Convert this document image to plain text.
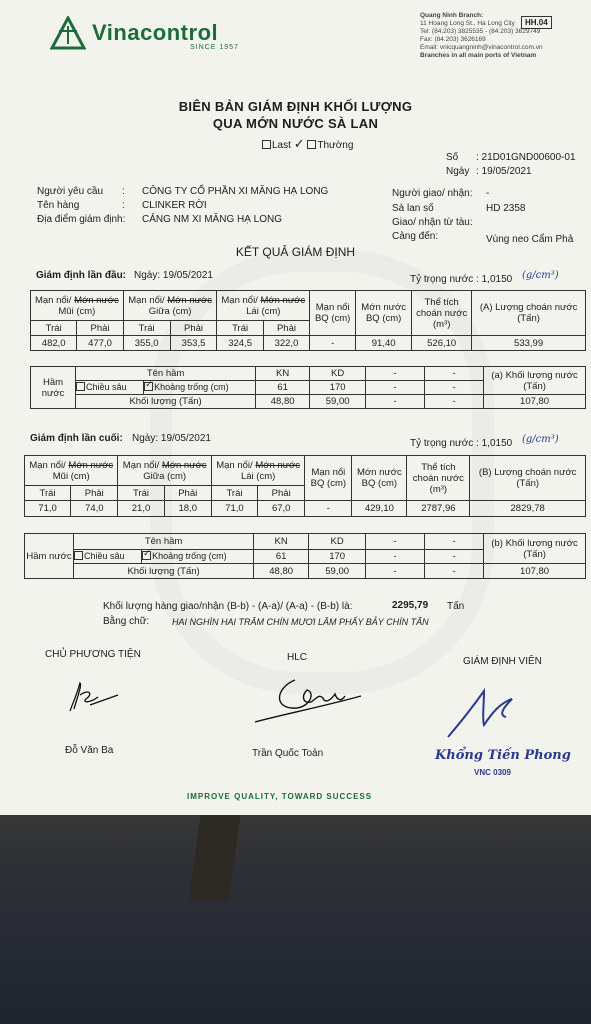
Vinacontrol
SINCE 1957
Quang Ninh Branch:
11 Hoang Long St., Ha Long City
Tel: (84.203) 3825535 - (84.203) 3629749
Fax: (84.203) 3626169
Email: vnicquangninh@vinacontrol.com.vn
Branches in all main ports of Vietnam
HH.04
BIÊN BẢN GIÁM ĐỊNH KHỐI LƯỢNG
QUA MỚN NƯỚC SÀ LAN
Last ✓ Thường
Số : 21D01GND00600-01
Ngày : 19/05/2021
Người yêu cầu : CÔNG TY CỔ PHẦN XI MĂNG HẠ LONG
Tên hàng	: CLINKER RỜI
Địa điểm giám định: CẢNG NM XI MĂNG HẠ LONG
Người giao/ nhận: -
Sà lan số	HD 2358
Giao/ nhận từ tàu:
Cảng đến:	Vùng neo Cẩm Phả
KẾT QUẢ GIÁM ĐỊNH
Giám định lần đầu: Ngày: 19/05/2021	Tỷ trọng nước : 1,0150 (g/cm³)
Mạn nổi/ Mớn nước
Mũi (cm)		Mạn nổi/ Mớn nước
Giữa (cm)		Mạn nổi/ Mớn nước
Lái (cm)		Mạn nổi BQ (cm)	Mớn nước BQ (cm)	Thể tích choán nước (m³)	(A) Lượng choán nước (Tấn)
Trái	Phải	Trái	Phải	Trái	Phải				
482,0	477,0	355,0	353,5	324,5	322,0	-	91,40	526,10	533,99
Hầm nước	Tên hầm		KN	KD	-	-	(a) Khối lượng nước (Tấn)
	Chiều sâu	✓Khoảng trống (cm)	61	170	-	-	
	Khối lượng (Tấn)		48,80	59,00	-	-	107,80
Giám định lần cuối: Ngày: 19/05/2021	Tỷ trọng nước : 1,0150 (g/cm³)
Mạn nổi/ Mớn nước
Mũi (cm)		Mạn nổi/ Mớn nước
Giữa (cm)		Mạn nổi/ Mớn nước
Lái (cm)		Mạn nổi BQ (cm)	Mớn nước BQ (cm)	Thể tích choán nước (m³)	(B) Lượng choán nước (Tấn)
Trái	Phải	Trái	Phải	Trái	Phải				
71,0	74,0	21,0	18,0	71,0	67,0	-	429,10	2787,96	2829,78
Hầm nước	Tên hầm		KN	KD	-	-	(b) Khối lượng nước (Tấn)
	Chiều sâu	✓Khoảng trống (cm)	61	170	-	-	
	Khối lượng (Tấn)		48,80	59,00	-	-	107,80
Khối lượng hàng giao/nhận (B-b) - (A-a)/ (A-a) - (B-b) là:	2295,79 Tấn
Bằng chữ:	HAI NGHÌN HAI TRĂM CHÍN MƯƠI LĂM PHẨY BẢY CHÍN TẤN
CHỦ PHƯƠNG TIỆN	HLC	GIÁM ĐỊNH VIÊN
Đỗ Văn Ba	Trần Quốc Toản	Khổng Tiến Phong
VNC 0309
IMPROVE QUALITY, TOWARD SUCCESS
